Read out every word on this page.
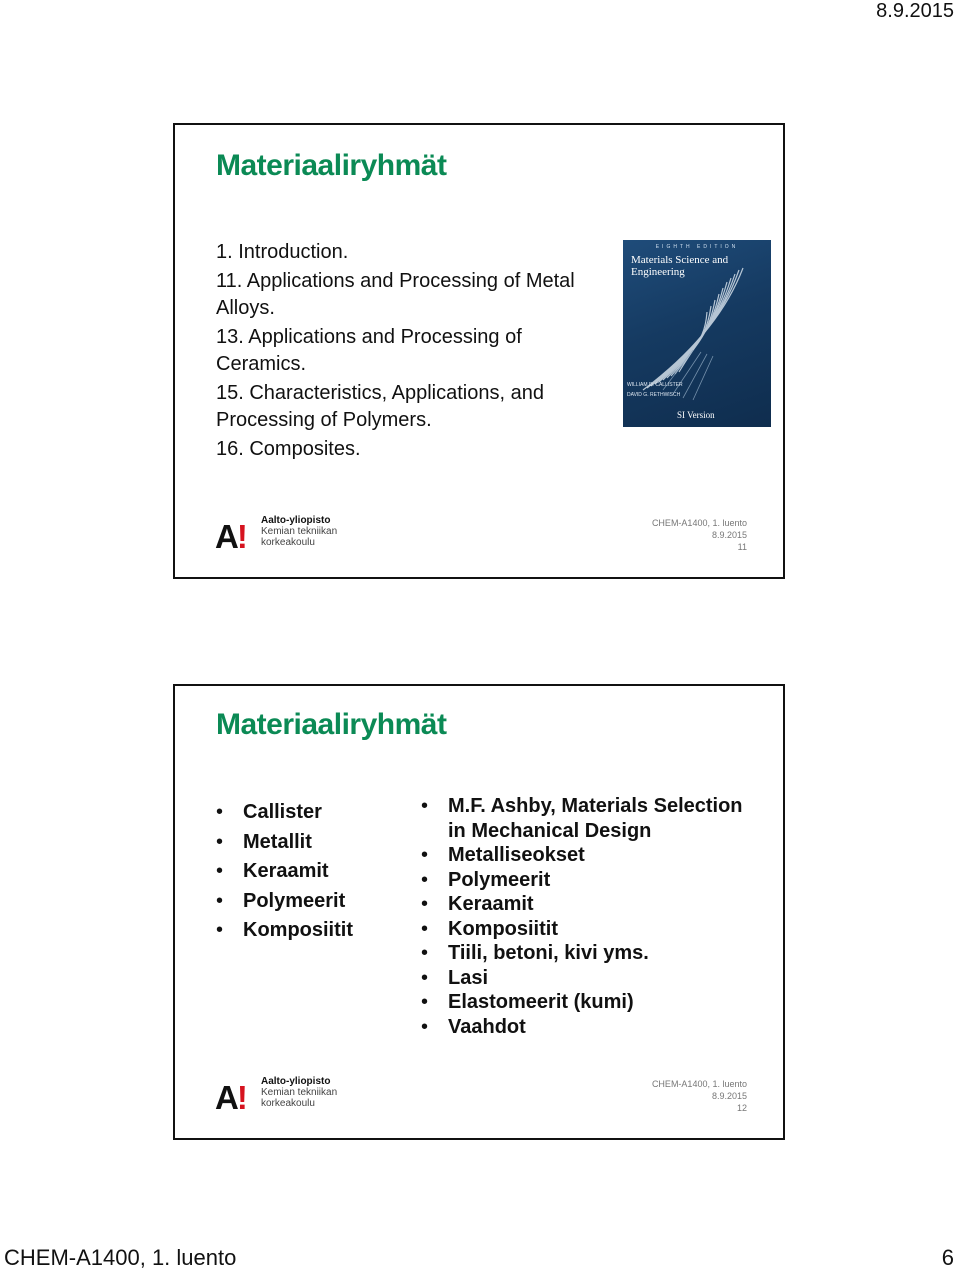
8.9.2015
Materiaaliryhmät
1. Introduction.
11. Applications and Processing of Metal Alloys.
13. Applications and Processing of Ceramics.
15. Characteristics, Applications, and Processing of Polymers.
16. Composites.
EIGHTH EDITION
Materials Science and Engineering
WILLIAM D. CALLISTER
DAVID G. RETHWISCH
SI Version
A! Aalto-yliopisto
Kemian tekniikan
korkeakoulu
CHEM-A1400, 1. luento
8.9.2015
11
Materiaaliryhmät
• Callister
• Metallit
• Keraamit
• Polymeerit
• Komposiitit
• M.F. Ashby, Materials Selection in Mechanical Design
• Metalliseokset
• Polymeerit
• Keraamit
• Komposiitit
• Tiili, betoni, kivi yms.
• Lasi
• Elastomeerit (kumi)
• Vaahdot
A! Aalto-yliopisto
Kemian tekniikan
korkeakoulu
CHEM-A1400, 1. luento
8.9.2015
12
CHEM-A1400, 1. luento	6
